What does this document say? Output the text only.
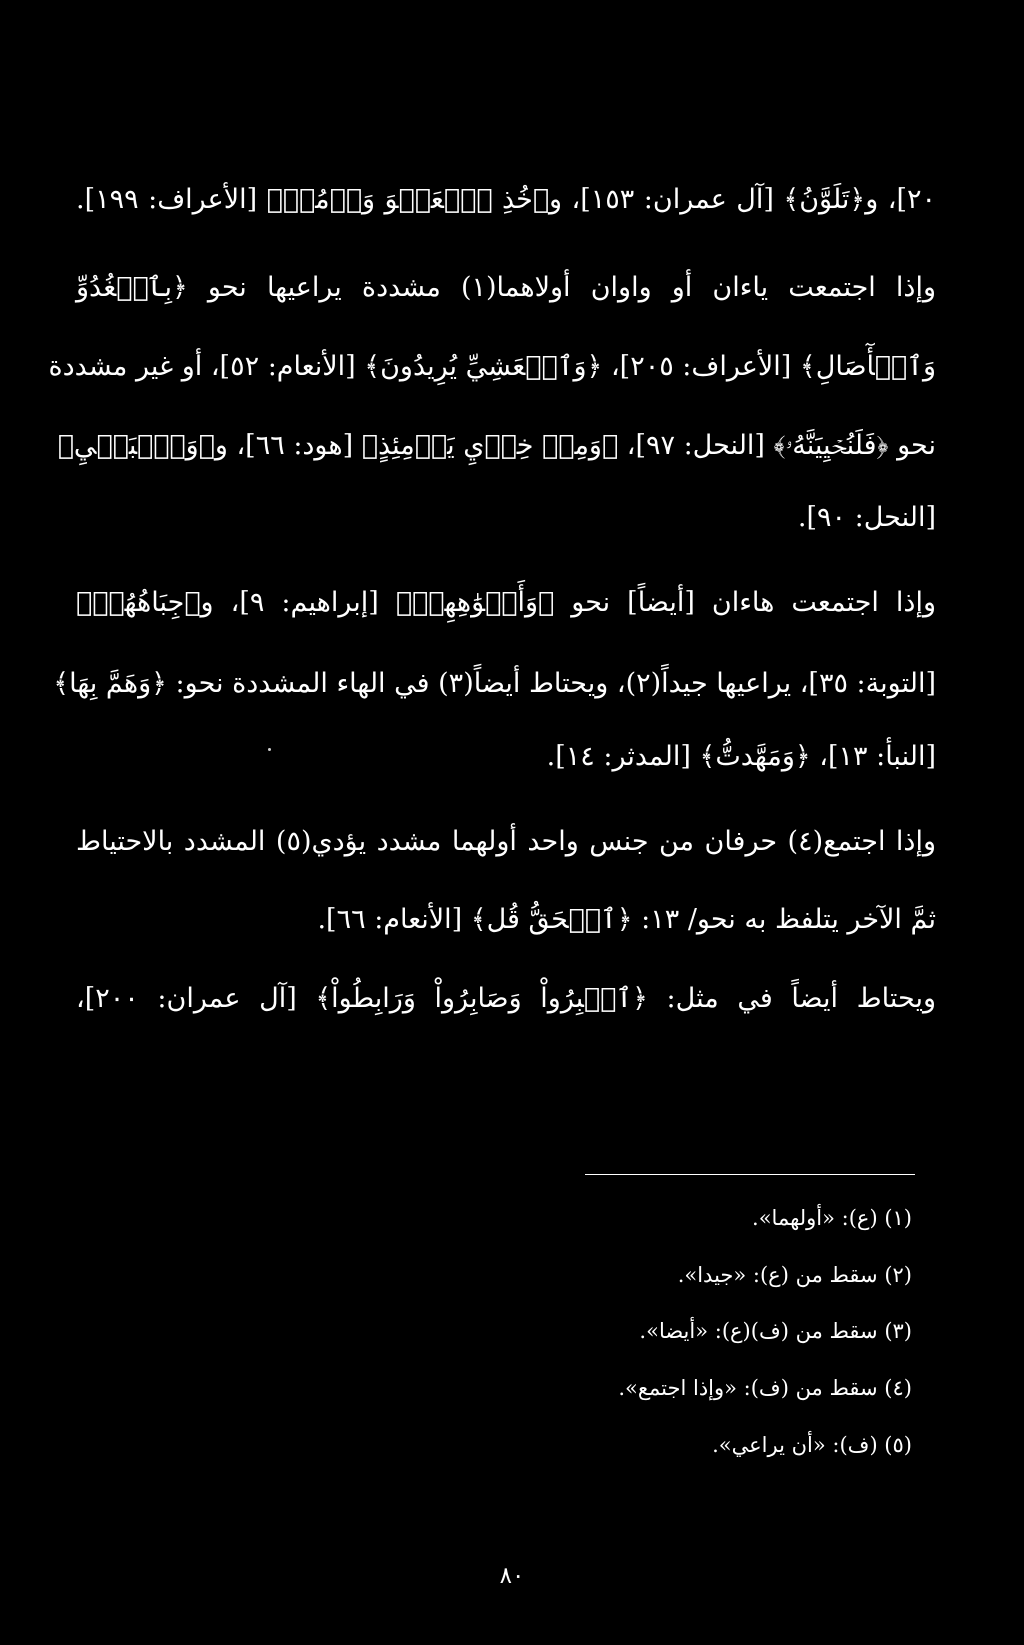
٢٠]، و﴿تَلَوَّنُ﴾ [آل عمران: ١٥٣]، و﴿خُذِ ٱلۡعَفۡوَ وَأۡمُرۡ﴾ [الأعراف: ١٩٩].
وإذا اجتمعت ياءان أو واوان أولاهما(١) مشددة يراعيها نحو ﴿بِٱلۡغُدُوِّ
وَٱلۡأٓصَالِ﴾ [الأعراف: ٢٠٥]، ﴿وَٱلۡعَشِيِّ يُرِيدُونَ﴾ [الأنعام: ٥٢]، أو غير مشددة
نحو ﴿فَلَنُحۡيِيَنَّهُۥ﴾ [النحل: ٩٧]، ﴿وَمِنۡ خِزۡيِ يَوۡمِئِذٍ﴾ [هود: ٦٦]، و﴿وَٱلۡبَغۡيِ﴾
[النحل: ٩٠].
وإذا اجتمعت هاءان [أيضاً] نحو ﴿وَأَفۡوَٰهِهِمۡ﴾ [إبراهيم: ٩]، و﴿جِبَاهُهُمۡ﴾
[التوبة: ٣٥]، يراعيها جيداً(٢)، ويحتاط أيضاً(٣) في الهاء المشددة نحو: ﴿وَهَمَّ بِهَا﴾
[النبأ: ١٣]، ﴿وَمَهَّدتُّ﴾ [المدثر: ١٤].
وإذا اجتمع(٤) حرفان من جنس واحد أولهما مشدد يؤدي(٥) المشدد بالاحتياط
ثمَّ الآخر يتلفظ به نحو/ ١٣: ﴿ٱلۡحَقُّ قُل﴾ [الأنعام: ٦٦].
ويحتاط أيضاً في مثل: ﴿ٱصۡبِرُواْ وَصَابِرُواْ وَرَابِطُواْ﴾ [آل عمران: ٢٠٠]،
(١) (ع): «أولهما».
(٢) سقط من (ع): «جيدا».
(٣) سقط من (ف)(ع): «أيضا».
(٤) سقط من (ف): «وإذا اجتمع».
(٥) (ف): «أن يراعي».
٨٠
